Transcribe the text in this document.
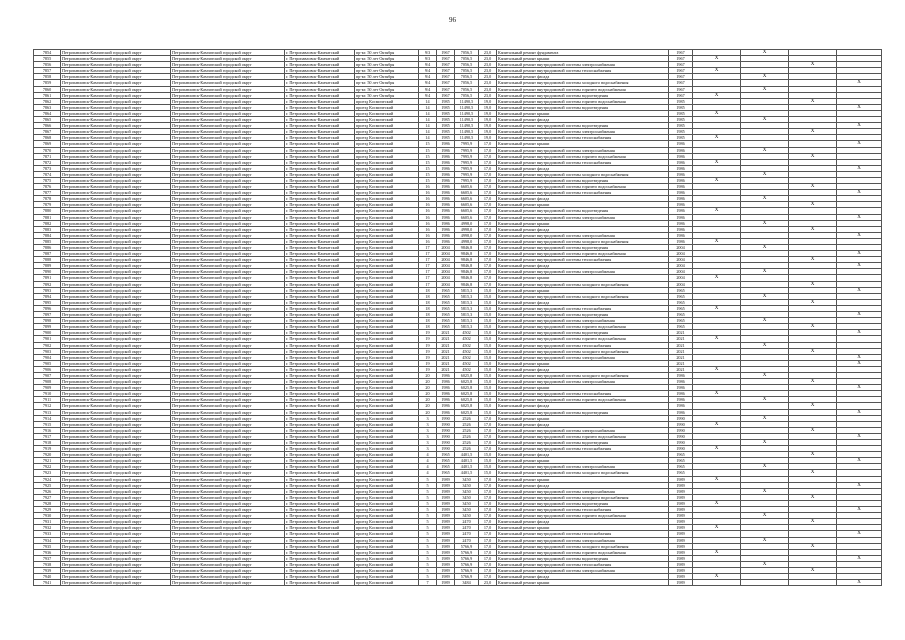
96
7854	Петропавловск-Камчатский городской округ	Петропавловск-Камчатский городской округ	г. Петропавловск-Камчатский	пр-кт. 50 лет Октября	9/3	1967	7056,5	23,0	Капитальный ремонт фундамента	1967		X		
7855	Петропавловск-Камчатский городской округ	Петропавловск-Камчатский городской округ	г. Петропавловск-Камчатский	пр-кт. 50 лет Октября	9/3	1967	7056,5	23,0	Капитальный ремонт крыши	1967	X			
7856	Петропавловск-Камчатский городской округ	Петропавловск-Камчатский городской округ	г. Петропавловск-Камчатский	пр-кт. 50 лет Октября	9/4	1967	7056,5	23,0	Капитальный ремонт внутридомовой системы электроснабжения	1967			X	
7857	Петропавловск-Камчатский городской округ	Петропавловск-Камчатский городской округ	г. Петропавловск-Камчатский	пр-кт. 50 лет Октября	9/4	1967	7056,5	23,0	Капитальный ремонт внутридомовой системы теплоснабжения	1967	X			
7858	Петропавловск-Камчатский городской округ	Петропавловск-Камчатский городской округ	г. Петропавловск-Камчатский	пр-кт. 50 лет Октября	9/4	1967	7056,5	23,0	Капитальный ремонт фасада	1967		X		
7859	Петропавловск-Камчатский городской округ	Петропавловск-Камчатский городской округ	г. Петропавловск-Камчатский	пр-кт. 50 лет Октября	9/4	1967	7056,5	23,0	Капитальный ремонт внутридомовой системы холодного водоснабжения	1967				X
7860	Петропавловск-Камчатский городской округ	Петропавловск-Камчатский городской округ	г. Петропавловск-Камчатский	пр-кт. 50 лет Октября	9/4	1967	7056,5	23,0	Капитальный ремонт внутридомовой системы горячего водоснабжения	1967		X		
7861	Петропавловск-Камчатский городской округ	Петропавловск-Камчатский городской округ	г. Петропавловск-Камчатский	пр-кт. 50 лет Октября	9/4	1967	7056,5	23,0	Капитальный ремонт внутридомовой системы водоотведения	1967	X			
7862	Петропавловск-Камчатский городской округ	Петропавловск-Камчатский городской округ	г. Петропавловск-Камчатский	проезд Космический	14	1985	11490,5	19,0	Капитальный ремонт внутридомовой системы горячего водоснабжения	1985			X	
7863	Петропавловск-Камчатский городской округ	Петропавловск-Камчатский городской округ	г. Петропавловск-Камчатский	проезд Космический	14	1985	11490,5	19,0	Капитальный ремонт внутридомовой системы водоотведения	1985				X
7864	Петропавловск-Камчатский городской округ	Петропавловск-Камчатский городской округ	г. Петропавловск-Камчатский	проезд Космический	14	1985	11490,5	19,0	Капитальный ремонт крыши	1985	X			
7865	Петропавловск-Камчатский городской округ	Петропавловск-Камчатский городской округ	г. Петропавловск-Камчатский	проезд Космический	14	1985	11490,5	19,0	Капитальный ремонт фасада	1985		X		
7866	Петропавловск-Камчатский городской округ	Петропавловск-Камчатский городской округ	г. Петропавловск-Камчатский	проезд Космический	14	1985	11490,5	19,0	Капитальный ремонт внутридомовой системы водоотведения	1985				X
7867	Петропавловск-Камчатский городской округ	Петропавловск-Камчатский городской округ	г. Петропавловск-Камчатский	проезд Космический	14	1985	11490,5	19,0	Капитальный ремонт внутридомовой системы электроснабжения	1985			X	
7868	Петропавловск-Камчатский городской округ	Петропавловск-Камчатский городской округ	г. Петропавловск-Камчатский	проезд Космический	14	1985	11490,5	19,0	Капитальный ремонт внутридомовой системы теплоснабжения	1985	X			
7869	Петропавловск-Камчатский городской округ	Петропавловск-Камчатский городской округ	г. Петропавловск-Камчатский	проезд Космический	15	1986	7995,9	17,0	Капитальный ремонт крыши	1986				X
7870	Петропавловск-Камчатский городской округ	Петропавловск-Камчатский городской округ	г. Петропавловск-Камчатский	проезд Космический	15	1986	7995,9	17,0	Капитальный ремонт внутридомовой системы электроснабжения	1986		X		
7871	Петропавловск-Камчатский городской округ	Петропавловск-Камчатский городской округ	г. Петропавловск-Камчатский	проезд Космический	15	1986	7995,9	17,0	Капитальный ремонт внутридомовой системы горячего водоснабжения	1986			X	
7872	Петропавловск-Камчатский городской округ	Петропавловск-Камчатский городской округ	г. Петропавловск-Камчатский	проезд Космический	15	1986	7995,9	17,0	Капитальный ремонт внутридомовой системы теплоснабжения	1986	X			
7873	Петропавловск-Камчатский городской округ	Петропавловск-Камчатский городской округ	г. Петропавловск-Камчатский	проезд Космический	15	1986	7995,9	17,0	Капитальный ремонт фасада	1986				X
7874	Петропавловск-Камчатский городской округ	Петропавловск-Камчатский городской округ	г. Петропавловск-Камчатский	проезд Космический	15	1986	7995,9	17,0	Капитальный ремонт внутридомовой системы холодного водоснабжения	1986		X		
7875	Петропавловск-Камчатский городской округ	Петропавловск-Камчатский городской округ	г. Петропавловск-Камчатский	проезд Космический	15	1986	7995,9	17,0	Капитальный ремонт внутридомовой системы водоотведения	1986	X			
7876	Петропавловск-Камчатский городской округ	Петропавловск-Камчатский городской округ	г. Петропавловск-Камчатский	проезд Космический	16	1986	6605,6	17,0	Капитальный ремонт внутридомовой системы горячего водоснабжения	1986			X	
7877	Петропавловск-Камчатский городской округ	Петропавловск-Камчатский городской округ	г. Петропавловск-Камчатский	проезд Космический	16	1986	6605,6	17,0	Капитальный ремонт внутридомовой системы теплоснабжения	1986				X
7878	Петропавловск-Камчатский городской округ	Петропавловск-Камчатский городской округ	г. Петропавловск-Камчатский	проезд Космический	16	1986	6605,6	17,0	Капитальный ремонт фасада	1986		X		
7879	Петропавловск-Камчатский городской округ	Петропавловск-Камчатский городской округ	г. Петропавловск-Камчатский	проезд Космический	16	1986	6605,6	17,0	Капитальный ремонт крыши	1986			X	
7880	Петропавловск-Камчатский городской округ	Петропавловск-Камчатский городской округ	г. Петропавловск-Камчатский	проезд Космический	16	1986	6605,6	17,0	Капитальный ремонт внутридомовой системы водоотведения	1986	X			
7881	Петропавловск-Камчатский городской округ	Петропавловск-Камчатский городской округ	г. Петропавловск-Камчатский	проезд Космический	16	1986	6605,6	17,0	Капитальный ремонт внутридомовой системы электроснабжения	1986				X
7882	Петропавловск-Камчатский городской округ	Петропавловск-Камчатский городской округ	г. Петропавловск-Камчатский	проезд Космический	16	1986	4998,0	17,0	Капитальный ремонт крыши	1986		X		
7883	Петропавловск-Камчатский городской округ	Петропавловск-Камчатский городской округ	г. Петропавловск-Камчатский	проезд Космический	16	1986	4998,0	17,0	Капитальный ремонт фасада	1986			X	
7884	Петропавловск-Камчатский городской округ	Петропавловск-Камчатский городской округ	г. Петропавловск-Камчатский	проезд Космический	16	1986	4998,0	17,0	Капитальный ремонт внутридомовой системы электроснабжения	1986				X
7885	Петропавловск-Камчатский городской округ	Петропавловск-Камчатский городской округ	г. Петропавловск-Камчатский	проезд Космический	16	1986	4998,0	17,0	Капитальный ремонт внутридомовой системы холодного водоснабжения	1986	X			
7886	Петропавловск-Камчатский городской округ	Петропавловск-Камчатский городской округ	г. Петропавловск-Камчатский	проезд Космический	17	2004	9846,8	17,0	Капитальный ремонт внутридомовой системы водоотведения	2004		X		
7887	Петропавловск-Камчатский городской округ	Петропавловск-Камчатский городской округ	г. Петропавловск-Камчатский	проезд Космический	17	2004	9846,8	17,0	Капитальный ремонт внутридомовой системы горячего водоснабжения	2004				X
7888	Петропавловск-Камчатский городской округ	Петропавловск-Камчатский городской округ	г. Петропавловск-Камчатский	проезд Космический	17	2004	9846,8	17,0	Капитальный ремонт внутридомовой системы теплоснабжения	2004			X	
7889	Петропавловск-Камчатский городской округ	Петропавловск-Камчатский городской округ	г. Петропавловск-Камчатский	проезд Космический	17	2004	9846,8	17,0	Капитальный ремонт фасада	2004				X
7890	Петропавловск-Камчатский городской округ	Петропавловск-Камчатский городской округ	г. Петропавловск-Камчатский	проезд Космический	17	2004	9846,8	17,0	Капитальный ремонт внутридомовой системы электроснабжения	2004		X		
7891	Петропавловск-Камчатский городской округ	Петропавловск-Камчатский городской округ	г. Петропавловск-Камчатский	проезд Космический	17	2004	9846,8	17,0	Капитальный ремонт крыши	2004	X			
7892	Петропавловск-Камчатский городской округ	Петропавловск-Камчатский городской округ	г. Петропавловск-Камчатский	проезд Космический	17	2004	9846,8	17,0	Капитальный ремонт внутридомовой системы холодного водоснабжения	2004			X	
7893	Петропавловск-Камчатский городской округ	Петропавловск-Камчатский городской округ	г. Петропавловск-Камчатский	проезд Космический	18	1965	5815,3	15,0	Капитальный ремонт крыши	1965				X
7894	Петропавловск-Камчатский городской округ	Петропавловск-Камчатский городской округ	г. Петропавловск-Камчатский	проезд Космический	18	1965	5815,3	15,0	Капитальный ремонт внутридомовой системы холодного водоснабжения	1965		X		
7895	Петропавловск-Камчатский городской округ	Петропавловск-Камчатский городской округ	г. Петропавловск-Камчатский	проезд Космический	18	1965	5815,3	15,0	Капитальный ремонт фасада	1965			X	
7896	Петропавловск-Камчатский городской округ	Петропавловск-Камчатский городской округ	г. Петропавловск-Камчатский	проезд Космический	18	1965	5815,3	15,0	Капитальный ремонт внутридомовой системы теплоснабжения	1965	X			
7897	Петропавловск-Камчатский городской округ	Петропавловск-Камчатский городской округ	г. Петропавловск-Камчатский	проезд Космический	18	1965	5815,3	15,0	Капитальный ремонт внутридомовой системы водоотведения	1965				X
7898	Петропавловск-Камчатский городской округ	Петропавловск-Камчатский городской округ	г. Петропавловск-Камчатский	проезд Космический	18	1965	5815,3	15,0	Капитальный ремонт внутридомовой системы электроснабжения	1965		X		
7899	Петропавловск-Камчатский городской округ	Петропавловск-Камчатский городской округ	г. Петропавловск-Камчатский	проезд Космический	18	1965	5815,3	15,0	Капитальный ремонт внутридомовой системы горячего водоснабжения	1965			X	
7900	Петропавловск-Камчатский городской округ	Петропавловск-Камчатский городской округ	г. Петропавловск-Камчатский	проезд Космический	19	2021	4502	15,0	Капитальный ремонт внутридомовой системы водоотведения	2021				X
7901	Петропавловск-Камчатский городской округ	Петропавловск-Камчатский городской округ	г. Петропавловск-Камчатский	проезд Космический	19	2021	4502	15,0	Капитальный ремонт внутридомовой системы горячего водоснабжения	2021	X			
7902	Петропавловск-Камчатский городской округ	Петропавловск-Камчатский городской округ	г. Петропавловск-Камчатский	проезд Космический	19	2021	4502	15,0	Капитальный ремонт внутридомовой системы теплоснабжения	2021		X		
7903	Петропавловск-Камчатский городской округ	Петропавловск-Камчатский городской округ	г. Петропавловск-Камчатский	проезд Космический	19	2021	4502	15,0	Капитальный ремонт внутридомовой системы холодного водоснабжения	2021			X	
7904	Петропавловск-Камчатский городской округ	Петропавловск-Камчатский городской округ	г. Петропавловск-Камчатский	проезд Космический	19	2021	4502	15,0	Капитальный ремонт внутридомовой системы электроснабжения	2021				X
7905	Петропавловск-Камчатский городской округ	Петропавловск-Камчатский городской округ	г. Петропавловск-Камчатский	проезд Космический	19	2021	4502	15,0	Капитальный ремонт крыши	2021				X
7906	Петропавловск-Камчатский городской округ	Петропавловск-Камчатский городской округ	г. Петропавловск-Камчатский	проезд Космический	19	2021	4502	15,0	Капитальный ремонт фасада	2021	X			
7907	Петропавловск-Камчатский городской округ	Петропавловск-Камчатский городской округ	г. Петропавловск-Камчатский	проезд Космический	20	1986	6025,8	15,0	Капитальный ремонт внутридомовой системы холодного водоснабжения	1986		X		
7908	Петропавловск-Камчатский городской округ	Петропавловск-Камчатский городской округ	г. Петропавловск-Камчатский	проезд Космический	20	1986	6025,8	15,0	Капитальный ремонт внутридомовой системы электроснабжения	1986			X	
7909	Петропавловск-Камчатский городской округ	Петропавловск-Камчатский городской округ	г. Петропавловск-Камчатский	проезд Космический	20	1986	6025,8	15,0	Капитальный ремонт крыши	1986				X
7910	Петропавловск-Камчатский городской округ	Петропавловск-Камчатский городской округ	г. Петропавловск-Камчатский	проезд Космический	20	1986	6025,8	15,0	Капитальный ремонт внутридомовой системы теплоснабжения	1986	X			
7911	Петропавловск-Камчатский городской округ	Петропавловск-Камчатский городской округ	г. Петропавловск-Камчатский	проезд Космический	20	1986	6025,8	15,0	Капитальный ремонт внутридомовой системы горячего водоснабжения	1986		X		
7912	Петропавловск-Камчатский городской округ	Петропавловск-Камчатский городской округ	г. Петропавловск-Камчатский	проезд Космический	20	1986	6025,8	15,0	Капитальный ремонт фасада	1986			X	
7913	Петропавловск-Камчатский городской округ	Петропавловск-Камчатский городской округ	г. Петропавловск-Камчатский	проезд Космический	20	1986	6025,8	15,0	Капитальный ремонт внутридомовой системы водоотведения	1986				X
7914	Петропавловск-Камчатский городской округ	Петропавловск-Камчатский городской округ	г. Петропавловск-Камчатский	проезд Космический	3	1990	2526	17,0	Капитальный ремонт крыши	1990		X		
7915	Петропавловск-Камчатский городской округ	Петропавловск-Камчатский городской округ	г. Петропавловск-Камчатский	проезд Космический	3	1990	2526	17,0	Капитальный ремонт фасада	1990	X			
7916	Петропавловск-Камчатский городской округ	Петропавловск-Камчатский городской округ	г. Петропавловск-Камчатский	проезд Космический	3	1990	2526	17,0	Капитальный ремонт внутридомовой системы электроснабжения	1990			X	
7917	Петропавловск-Камчатский городской округ	Петропавловск-Камчатский городской округ	г. Петропавловск-Камчатский	проезд Космический	3	1990	2526	17,0	Капитальный ремонт внутридомовой системы горячего водоснабжения	1990				X
7918	Петропавловск-Камчатский городской округ	Петропавловск-Камчатский городской округ	г. Петропавловск-Камчатский	проезд Космический	3	1990	2526	17,0	Капитальный ремонт внутридомовой системы водоотведения	1990		X		
7919	Петропавловск-Камчатский городской округ	Петропавловск-Камчатский городской округ	г. Петропавловск-Камчатский	проезд Космический	3	1990	2526	17,0	Капитальный ремонт внутридомовой системы теплоснабжения	1990	X			
7920	Петропавловск-Камчатский городской округ	Петропавловск-Камчатский городской округ	г. Петропавловск-Камчатский	проезд Космический	4	1965	4401,5	15,0	Капитальный ремонт фасада	1965			X	
7921	Петропавловск-Камчатский городской округ	Петропавловск-Камчатский городской округ	г. Петропавловск-Камчатский	проезд Космический	4	1965	4401,5	15,0	Капитальный ремонт крыши	1965				X
7922	Петропавловск-Камчатский городской округ	Петропавловск-Камчатский городской округ	г. Петропавловск-Камчатский	проезд Космический	4	1965	4401,5	15,0	Капитальный ремонт внутридомовой системы электроснабжения	1965		X		
7923	Петропавловск-Камчатский городской округ	Петропавловск-Камчатский городской округ	г. Петропавловск-Камчатский	проезд Космический	4	1965	4401,5	15,0	Капитальный ремонт внутридомовой системы холодного водоснабжения	1965			X	
7924	Петропавловск-Камчатский городской округ	Петропавловск-Камчатский городской округ	г. Петропавловск-Камчатский	проезд Космический	5	1989	3450	17,0	Капитальный ремонт крыши	1989	X			
7925	Петропавловск-Камчатский городской округ	Петропавловск-Камчатский городской округ	г. Петропавловск-Камчатский	проезд Космический	5	1989	3450	17,0	Капитальный ремонт фасада	1989				X
7926	Петропавловск-Камчатский городской округ	Петропавловск-Камчатский городской округ	г. Петропавловск-Камчатский	проезд Космический	5	1989	3450	17,0	Капитальный ремонт внутридомовой системы электроснабжения	1989		X		
7927	Петропавловск-Камчатский городской округ	Петропавловск-Камчатский городской округ	г. Петропавловск-Камчатский	проезд Космический	5	1989	3450	17,0	Капитальный ремонт внутридомовой системы холодного водоснабжения	1989			X	
7928	Петропавловск-Камчатский городской округ	Петропавловск-Камчатский городской округ	г. Петропавловск-Камчатский	проезд Космический	5	1989	3450	17,0	Капитальный ремонт внутридомовой системы водоотведения	1989	X			
7929	Петропавловск-Камчатский городской округ	Петропавловск-Камчатский городской округ	г. Петропавловск-Камчатский	проезд Космический	5	1989	3450	17,0	Капитальный ремонт внутридомовой системы теплоснабжения	1989				X
7930	Петропавловск-Камчатский городской округ	Петропавловск-Камчатский городской округ	г. Петропавловск-Камчатский	проезд Космический	5	1989	3450	17,0	Капитальный ремонт внутридомовой системы горячего водоснабжения	1989		X		
7931	Петропавловск-Камчатский городской округ	Петропавловск-Камчатский городской округ	г. Петропавловск-Камчатский	проезд Космический	5	1989	2470	17,0	Капитальный ремонт фасада	1989			X	
7932	Петропавловск-Камчатский городской округ	Петропавловск-Камчатский городской округ	г. Петропавловск-Камчатский	проезд Космический	5	1989	2470	17,0	Капитальный ремонт крыши	1989	X			
7933	Петропавловск-Камчатский городской округ	Петропавловск-Камчатский городской округ	г. Петропавловск-Камчатский	проезд Космический	5	1989	2470	17,0	Капитальный ремонт внутридомовой системы теплоснабжения	1989				X
7934	Петропавловск-Камчатский городской округ	Петропавловск-Камчатский городской округ	г. Петропавловск-Камчатский	проезд Космический	5	1989	2470	17,0	Капитальный ремонт внутридомовой системы электроснабжения	1989		X		
7935	Петропавловск-Камчатский городской округ	Петропавловск-Камчатский городской округ	г. Петропавловск-Камчатский	проезд Космический	5	1989	5766,9	17,0	Капитальный ремонт внутридомовой системы холодного водоснабжения	1989			X	
7936	Петропавловск-Камчатский городской округ	Петропавловск-Камчатский городской округ	г. Петропавловск-Камчатский	проезд Космический	5	1989	5766,9	17,0	Капитальный ремонт внутридомовой системы горячего водоснабжения	1989	X			
7937	Петропавловск-Камчатский городской округ	Петропавловск-Камчатский городской округ	г. Петропавловск-Камчатский	проезд Космический	5	1989	5766,9	17,0	Капитальный ремонт внутридомовой системы водоотведения	1989				X
7938	Петропавловск-Камчатский городской округ	Петропавловск-Камчатский городской округ	г. Петропавловск-Камчатский	проезд Космический	5	1989	5766,9	17,0	Капитальный ремонт внутридомовой системы теплоснабжения	1989		X		
7939	Петропавловск-Камчатский городской округ	Петропавловск-Камчатский городской округ	г. Петропавловск-Камчатский	проезд Космический	5	1989	5766,9	17,0	Капитальный ремонт внутридомовой системы электроснабжения	1989			X	
7940	Петропавловск-Камчатский городской округ	Петропавловск-Камчатский городской округ	г. Петропавловск-Камчатский	проезд Космический	5	1989	5766,9	17,0	Капитальный ремонт фасада	1989	X			
7941	Петропавловск-Камчатский городской округ	Петропавловск-Камчатский городской округ	г. Петропавловск-Камчатский	проезд Космический	7	1989	3484	23,0	Капитальный ремонт крыши	1989				X
